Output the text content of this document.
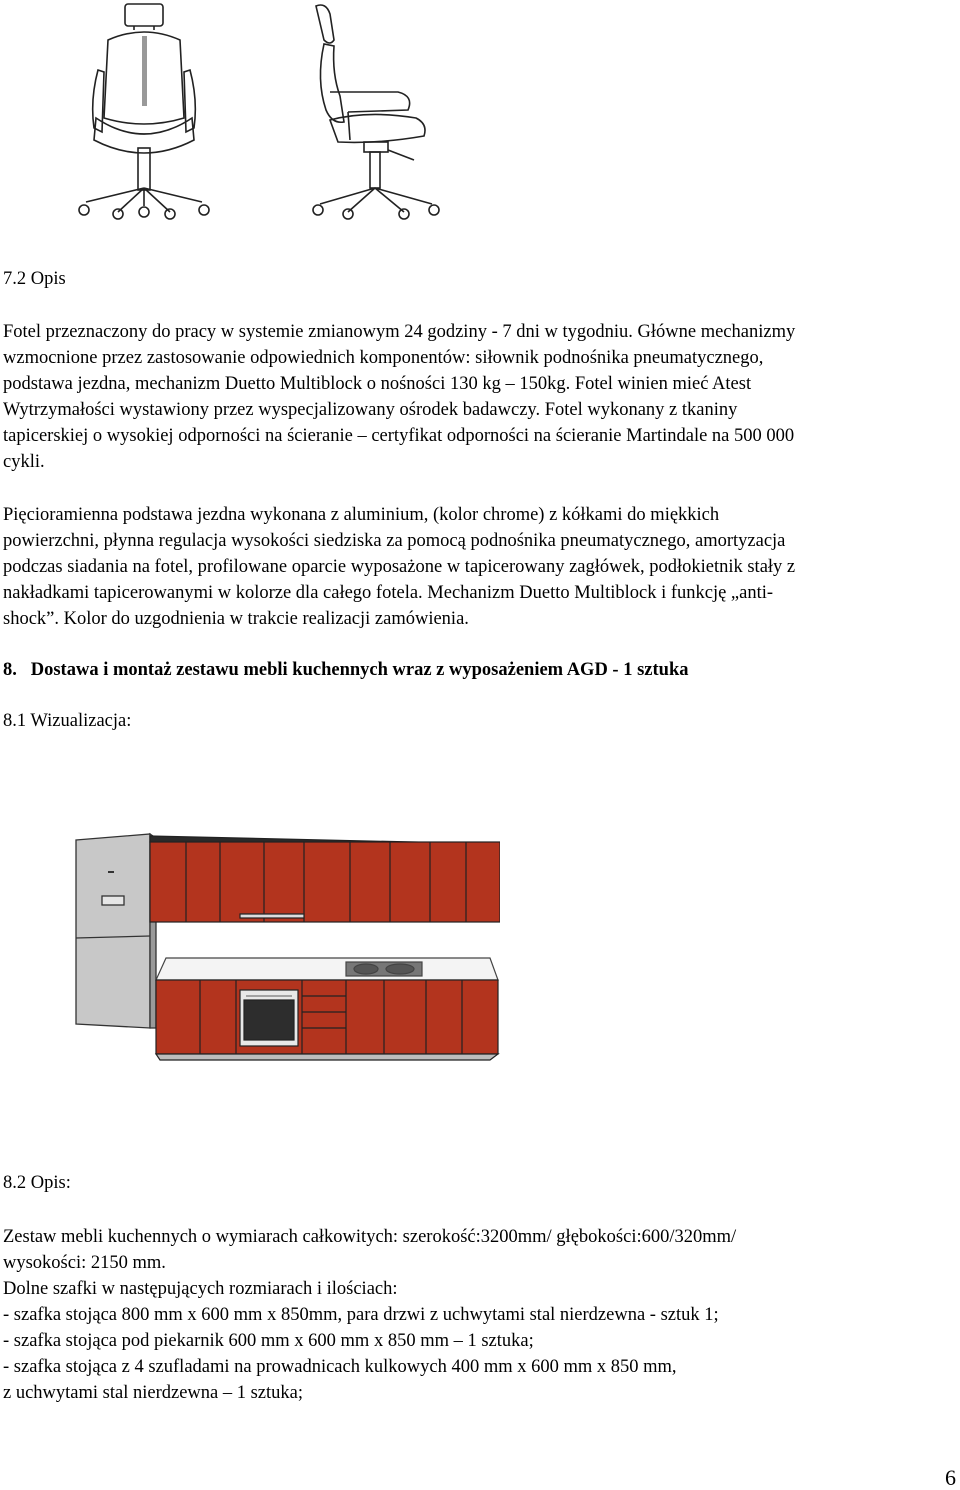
7.2 Opis

Fotel przeznaczony do pracy w systemie zmianowym 24 godziny - 7 dni w tygodniu. Główne mechanizmy
wzmocnione przez zastosowanie odpowiednich komponentów: siłownik podnośnika pneumatycznego,
podstawa jezdna, mechanizm Duetto Multiblock o nośności 130 kg – 150kg. Fotel winien mieć Atest
Wytrzymałości wystawiony przez wyspecjalizowany ośrodek badawczy. Fotel wykonany z tkaniny
tapicerskiej o wysokiej odporności na ścieranie – certyfikat odporności na ścieranie Martindale na 500 000
cykli.
Pięcioramienna podstawa jezdna wykonana z aluminium, (kolor chrome) z kółkami do miękkich
powierzchni, płynna regulacja wysokości siedziska za pomocą podnośnika pneumatycznego, amortyzacja
podczas siadania na fotel, profilowane oparcie wyposażone w tapicerowany zagłówek, podłokietnik stały z
nakładkami tapicerowanymi w kolorze dla całego fotela. Mechanizm Duetto Multiblock i funkcję „anti-
shock”. Kolor do uzgodnienia w trakcie realizacji zamówienia.

8. Dostawa i montaż zestawu mebli kuchennych wraz z wyposażeniem AGD - 1 sztuka

8.1 Wizualizacja:

8.2 Opis:

Zestaw mebli kuchennych o wymiarach całkowitych: szerokość:3200mm/ głębokości:600/320mm/
wysokości: 2150 mm.
Dolne szafki w następujących rozmiarach i ilościach:
- szafka stojąca 800 mm x 600 mm x 850mm, para drzwi z uchwytami stal nierdzewna - sztuk 1;
- szafka stojąca pod piekarnik 600 mm x 600 mm x 850 mm – 1 sztuka;
- szafka stojąca z 4 szufladami na prowadnicach kulkowych 400 mm x 600 mm x 850 mm,
z uchwytami stal nierdzewna – 1 sztuka;
6
